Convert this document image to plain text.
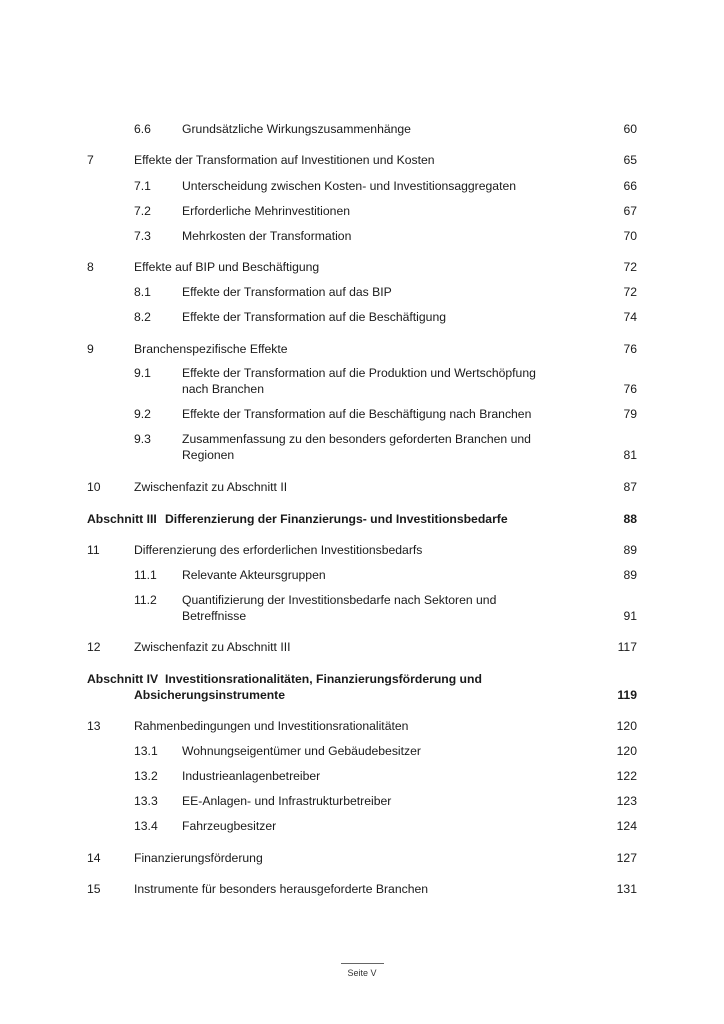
6.6	Grundsätzliche Wirkungszusammenhänge	60
7	Effekte der Transformation auf Investitionen und Kosten	65
7.1	Unterscheidung zwischen Kosten- und Investitionsaggregaten	66
7.2	Erforderliche Mehrinvestitionen	67
7.3	Mehrkosten der Transformation	70
8	Effekte auf BIP und Beschäftigung	72
8.1	Effekte der Transformation auf das BIP	72
8.2	Effekte der Transformation auf die Beschäftigung	74
9	Branchenspezifische Effekte	76
9.1	Effekte der Transformation auf die Produktion und Wertschöpfung
nach Branchen	76
9.2	Effekte der Transformation auf die Beschäftigung nach Branchen	79
9.3	Zusammenfassung zu den besonders geforderten Branchen und
Regionen	81
10	Zwischenfazit zu Abschnitt II	87
Abschnitt III Differenzierung der Finanzierungs- und Investitionsbedarfe	88
11	Differenzierung des erforderlichen Investitionsbedarfs	89
11.1 Relevante Akteursgruppen	89
11.2 Quantifizierung der Investitionsbedarfe nach Sektoren und
Betreffnisse	91
12	Zwischenfazit zu Abschnitt III	117
Abschnitt IV Investitionsrationalitäten, Finanzierungsförderung und
Absicherungsinstrumente	119
13	Rahmenbedingungen und Investitionsrationalitäten	120
13.1 Wohnungseigentümer und Gebäudebesitzer	120
13.2 Industrieanlagenbetreiber	122
13.3 EE-Anlagen- und Infrastrukturbetreiber	123
13.4 Fahrzeugbesitzer	124
14	Finanzierungsförderung	127
15	Instrumente für besonders herausgeforderte Branchen	131
Seite V
